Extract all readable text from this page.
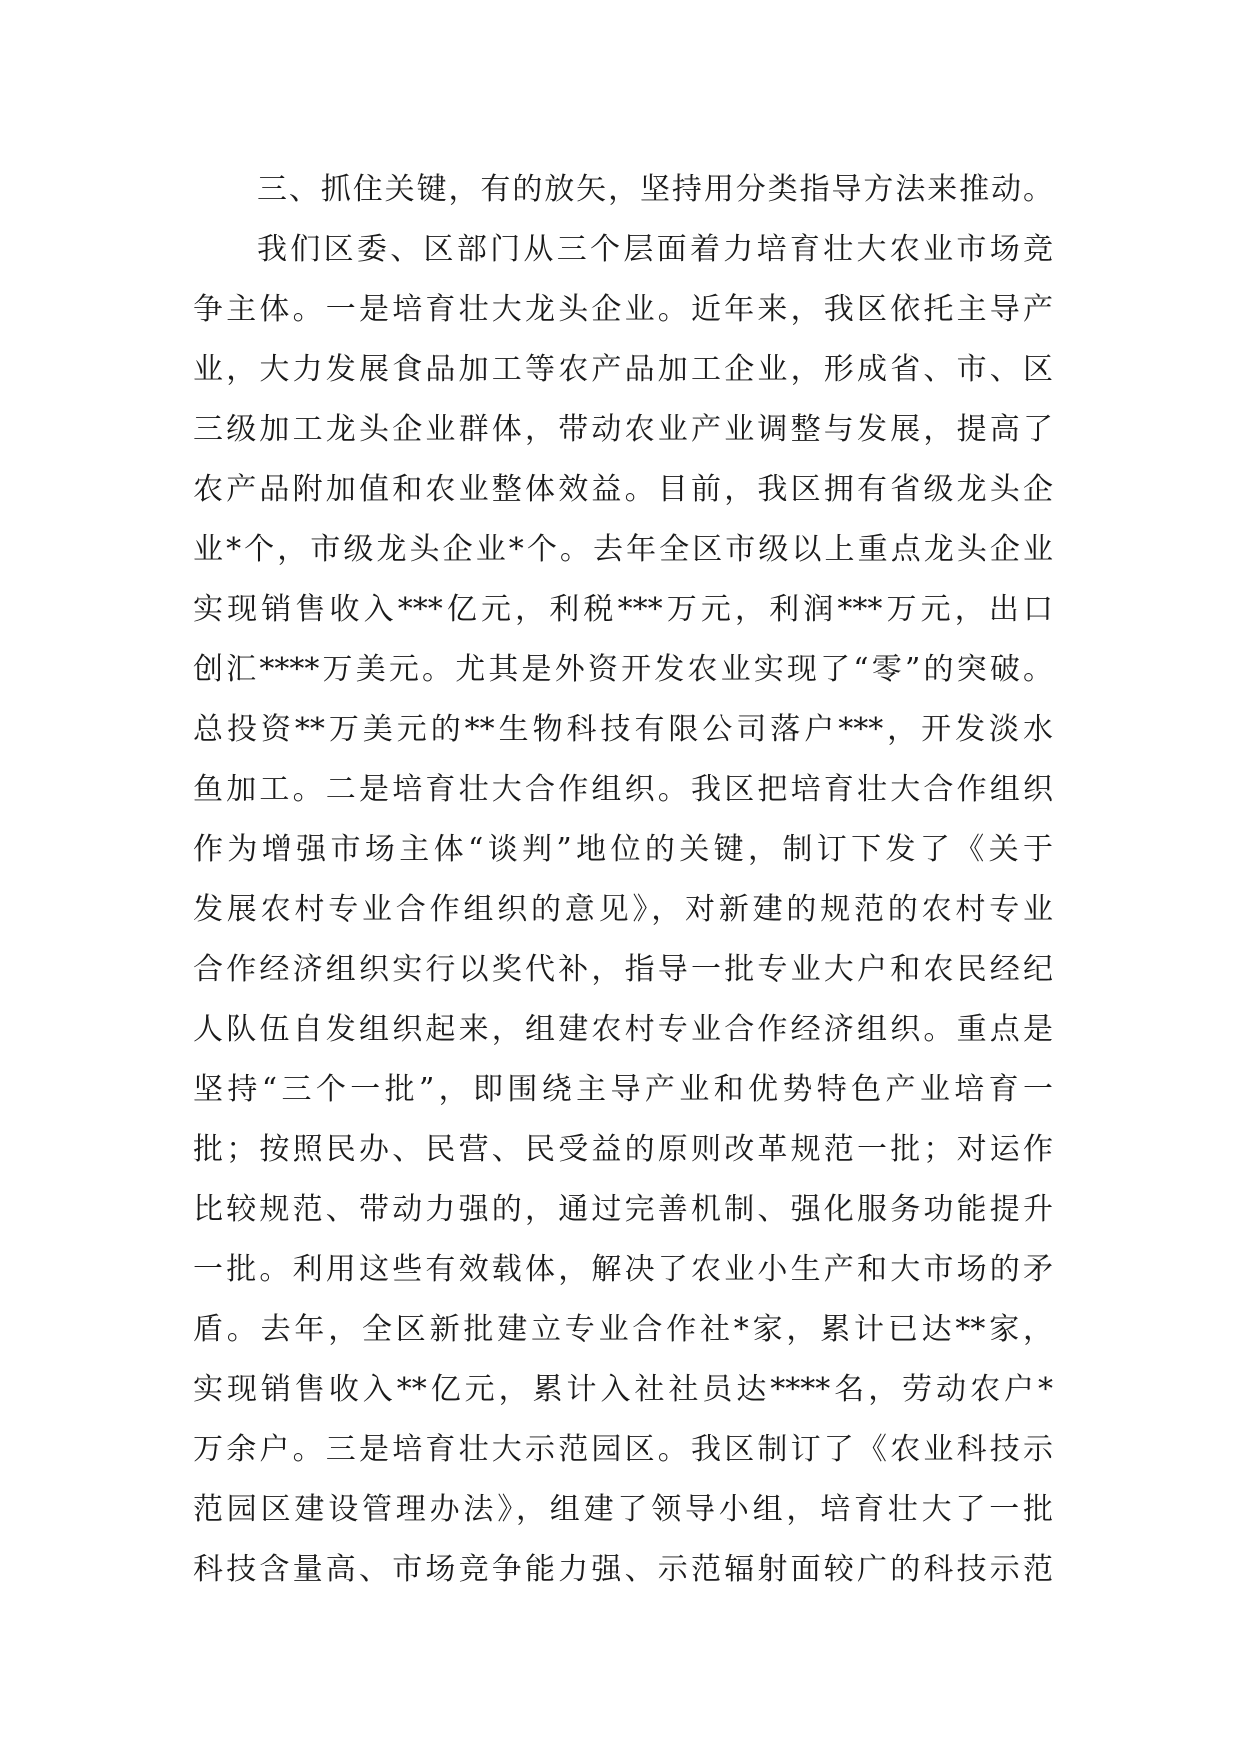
三、抓住关键，有的放矢，坚持用分类指导方法来推动。
我们区委、区部门从三个层面着力培育壮大农业市场竞
争主体。一是培育壮大龙头企业。近年来，我区依托主导产
业，大力发展食品加工等农产品加工企业，形成省、市、区
三级加工龙头企业群体，带动农业产业调整与发展，提高了
农产品附加值和农业整体效益。目前，我区拥有省级龙头企
业*个，市级龙头企业*个。去年全区市级以上重点龙头企业
实现销售收入***亿元，利税***万元，利润***万元，出口
创汇****万美元。尤其是外资开发农业实现了“零”的突破。
总投资**万美元的**生物科技有限公司落户***，开发淡水
鱼加工。二是培育壮大合作组织。我区把培育壮大合作组织
作为增强市场主体“谈判”地位的关键，制订下发了《关于
发展农村专业合作组织的意见》，对新建的规范的农村专业
合作经济组织实行以奖代补，指导一批专业大户和农民经纪
人队伍自发组织起来，组建农村专业合作经济组织。重点是
坚持“三个一批”，即围绕主导产业和优势特色产业培育一
批；按照民办、民营、民受益的原则改革规范一批；对运作
比较规范、带动力强的，通过完善机制、强化服务功能提升
一批。利用这些有效载体，解决了农业小生产和大市场的矛
盾。去年，全区新批建立专业合作社*家，累计已达**家，
实现销售收入**亿元，累计入社社员达****名，劳动农户*
万余户。三是培育壮大示范园区。我区制订了《农业科技示
范园区建设管理办法》，组建了领导小组，培育壮大了一批
科技含量高、市场竞争能力强、示范辐射面较广的科技示范
